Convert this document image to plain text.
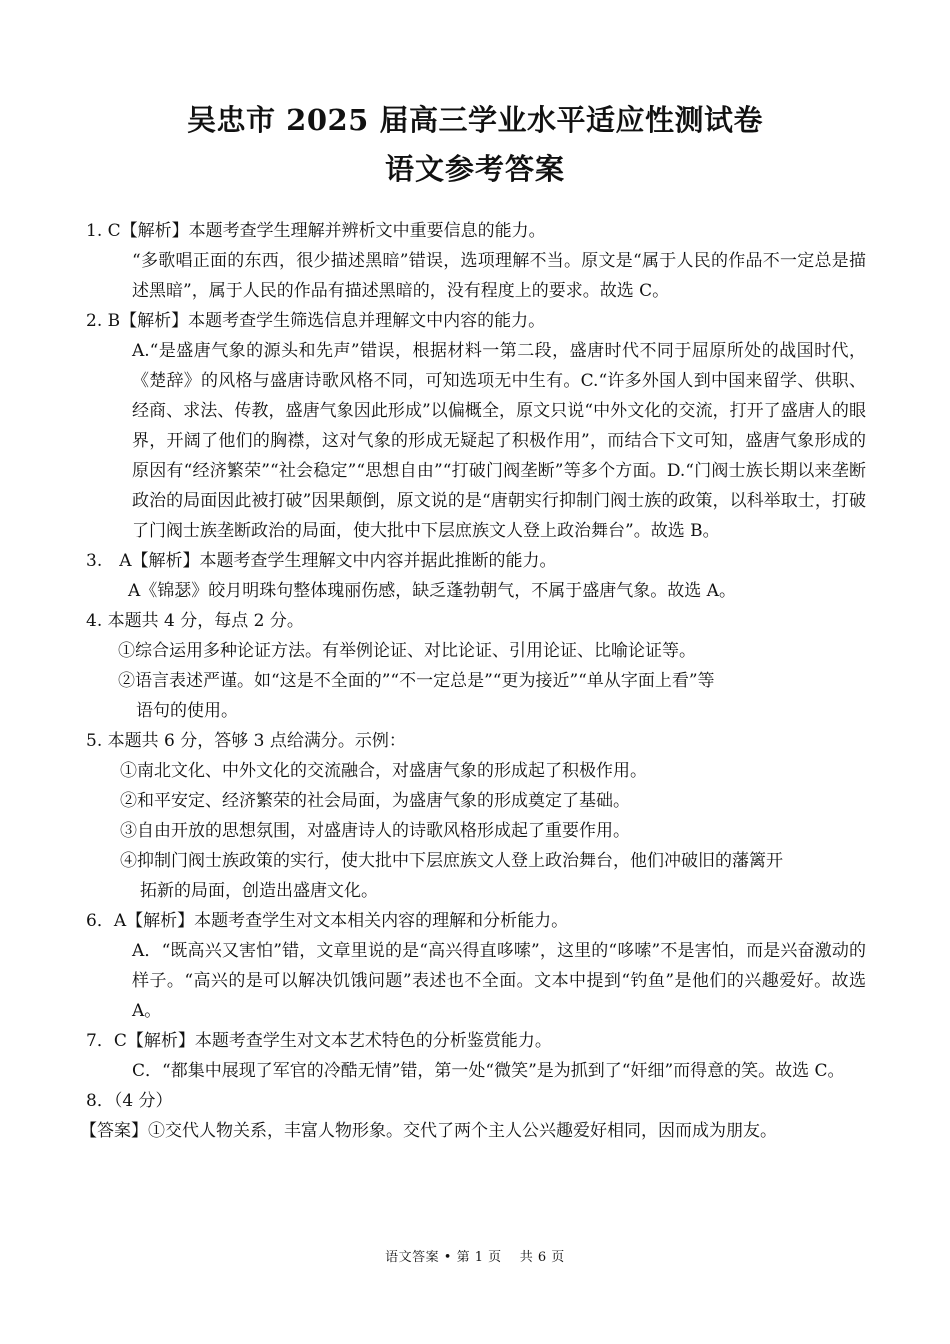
吴忠市 2025 届高三学业水平适应性测试卷
语文参考答案

1. C【解析】本题考查学生理解并辨析文中重要信息的能力。

“多歌唱正面的东西，很少描述黑暗”错误，选项理解不当。原文是“属于人民的作品不一定总是描述黑暗”，属于人民的作品有描述黑暗的，没有程度上的要求。故选 C。

2. B【解析】本题考查学生筛选信息并理解文中内容的能力。

A.“是盛唐气象的源头和先声”错误，根据材料一第二段，盛唐时代不同于屈原所处的战国时代，《楚辞》的风格与盛唐诗歌风格不同，可知选项无中生有。C.“许多外国人到中国来留学、供职、经商、求法、传教，盛唐气象因此形成”以偏概全，原文只说“中外文化的交流，打开了盛唐人的眼界，开阔了他们的胸襟，这对气象的形成无疑起了积极作用”，而结合下文可知，盛唐气象形成的原因有“经济繁荣”“社会稳定”“思想自由”“打破门阀垄断”等多个方面。D.“门阀士族长期以来垄断政治的局面因此被打破”因果颠倒，原文说的是“唐朝实行抑制门阀士族的政策，以科举取士，打破了门阀士族垄断政治的局面，使大批中下层庶族文人登上政治舞台”。故选 B。

3.　A【解析】本题考查学生理解文中内容并据此推断的能力。

A《锦瑟》皎月明珠句整体瑰丽伤感，缺乏蓬勃朝气，不属于盛唐气象。故选 A。

4. 本题共 4 分，每点 2 分。

①综合运用多种论证方法。有举例论证、对比论证、引用论证、比喻论证等。

②语言表述严谨。如“这是不全面的”“不一定总是”“更为接近”“单从字面上看”等

语句的使用。

5. 本题共 6 分，答够 3 点给满分。示例：

①南北文化、中外文化的交流融合，对盛唐气象的形成起了积极作用。

②和平安定、经济繁荣的社会局面，为盛唐气象的形成奠定了基础。

③自由开放的思想氛围，对盛唐诗人的诗歌风格形成起了重要作用。

④抑制门阀士族政策的实行，使大批中下层庶族文人登上政治舞台，他们冲破旧的藩篱开

拓新的局面，创造出盛唐文化。

6．A【解析】本题考查学生对文本相关内容的理解和分析能力。

A．“既高兴又害怕”错，文章里说的是“高兴得直哆嗦”，这里的“哆嗦”不是害怕，而是兴奋激动的样子。“高兴的是可以解决饥饿问题”表述也不全面。文本中提到“钓鱼”是他们的兴趣爱好。故选 A。

7．C【解析】本题考查学生对文本艺术特色的分析鉴赏能力。

C．“都集中展现了军官的冷酷无情”错，第一处“微笑”是为抓到了“奸细”而得意的笑。故选 C。

8．（4 分）

【答案】①交代人物关系，丰富人物形象。交代了两个主人公兴趣爱好相同，因而成为朋友。

语文答案 • 第 1 页　 共 6 页
